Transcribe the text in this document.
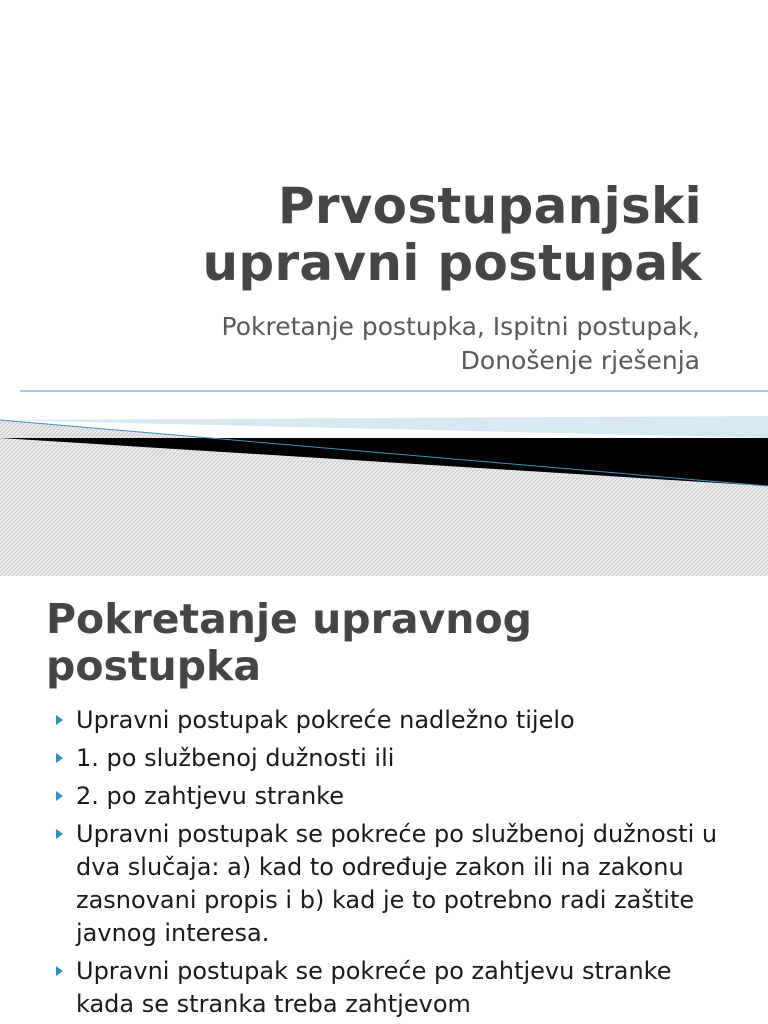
Prvostupanjski
upravni postupak

Pokretanje postupka, Ispitni postupak,
Donošenje rješenja

Pokretanje upravnog
postupka
Upravni postupak pokreće nadležno tijelo
1. po službenoj dužnosti ili
2. po zahtjevu stranke
Upravni postupak se pokreće po službenoj dužnosti u dva slučaja: a) kad to određuje zakon ili na zakonu zasnovani propis i b) kad je to potrebno radi zaštite javnog interesa.
Upravni postupak se pokreće po zahtjevu stranke kada se stranka treba zahtjevom
